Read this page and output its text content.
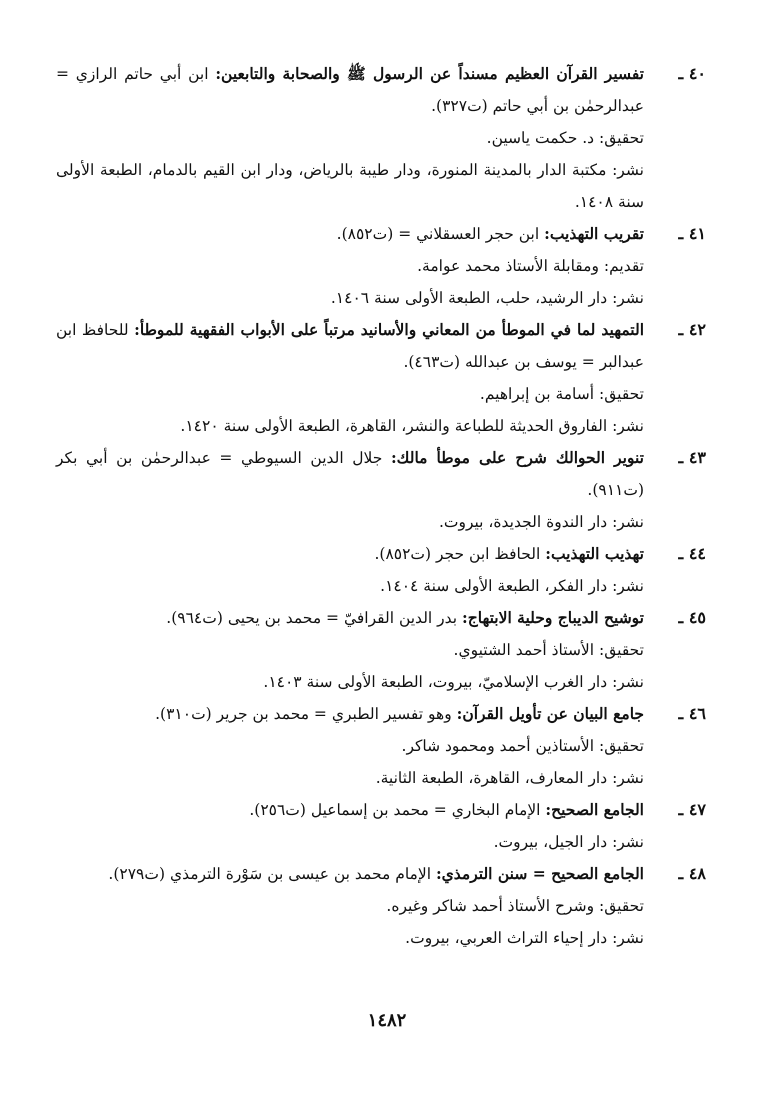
٤٠ ـ

تفسير القرآن العظيم مسنداً عن الرسول ﷺ والصحابة والتابعين: ابن أبي حاتم الرازي = عبدالرحمٰن بن أبي حاتم (ت٣٢٧).

تحقيق: د. حكمت ياسين.

نشر: مكتبة الدار بالمدينة المنورة، ودار طيبة بالرياض، ودار ابن القيم بالدمام، الطبعة الأولى سنة ١٤٠٨.

٤١ ـ

تقريب التهذيب: ابن حجر العسقلاني = (ت٨٥٢).

تقديم: ومقابلة الأستاذ محمد عوامة.

نشر: دار الرشيد، حلب، الطبعة الأولى سنة ١٤٠٦.

٤٢ ـ

التمهيد لما في الموطأ من المعاني والأسانيد مرتباً على الأبواب الفقهية للموطأ: للحافظ ابن عبدالبر = يوسف بن عبدالله (ت٤٦٣).

تحقيق: أسامة بن إبراهيم.

نشر: الفاروق الحديثة للطباعة والنشر، القاهرة، الطبعة الأولى سنة ١٤٢٠.

٤٣ ـ

تنوير الحوالك شرح على موطأ مالك: جلال الدين السيوطي = عبدالرحمٰن بن أبي بكر (ت٩١١).

نشر: دار الندوة الجديدة، بيروت.

٤٤ ـ

تهذيب التهذيب: الحافظ ابن حجر (ت٨٥٢).

نشر: دار الفكر، الطبعة الأولى سنة ١٤٠٤.

٤٥ ـ

توشيح الديباج وحلية الابتهاج: بدر الدين القرافيّ = محمد بن يحيى (ت٩٦٤).

تحقيق: الأستاذ أحمد الشتيوي.

نشر: دار الغرب الإسلاميّ، بيروت، الطبعة الأولى سنة ١٤٠٣.

٤٦ ـ

جامع البيان عن تأويل القرآن: وهو تفسير الطبري = محمد بن جرير (ت٣١٠).

تحقيق: الأستاذين أحمد ومحمود شاكر.

نشر: دار المعارف، القاهرة، الطبعة الثانية.

٤٧ ـ

الجامع الصحيح: الإمام البخاري = محمد بن إسماعيل (ت٢٥٦).

نشر: دار الجيل، بيروت.

٤٨ ـ

الجامع الصحيح = سنن الترمذي: الإمام محمد بن عيسى بن سَوْرة الترمذي (ت٢٧٩).

تحقيق: وشرح الأستاذ أحمد شاكر وغيره.

نشر: دار إحياء التراث العربي، بيروت.

١٤٨٢
